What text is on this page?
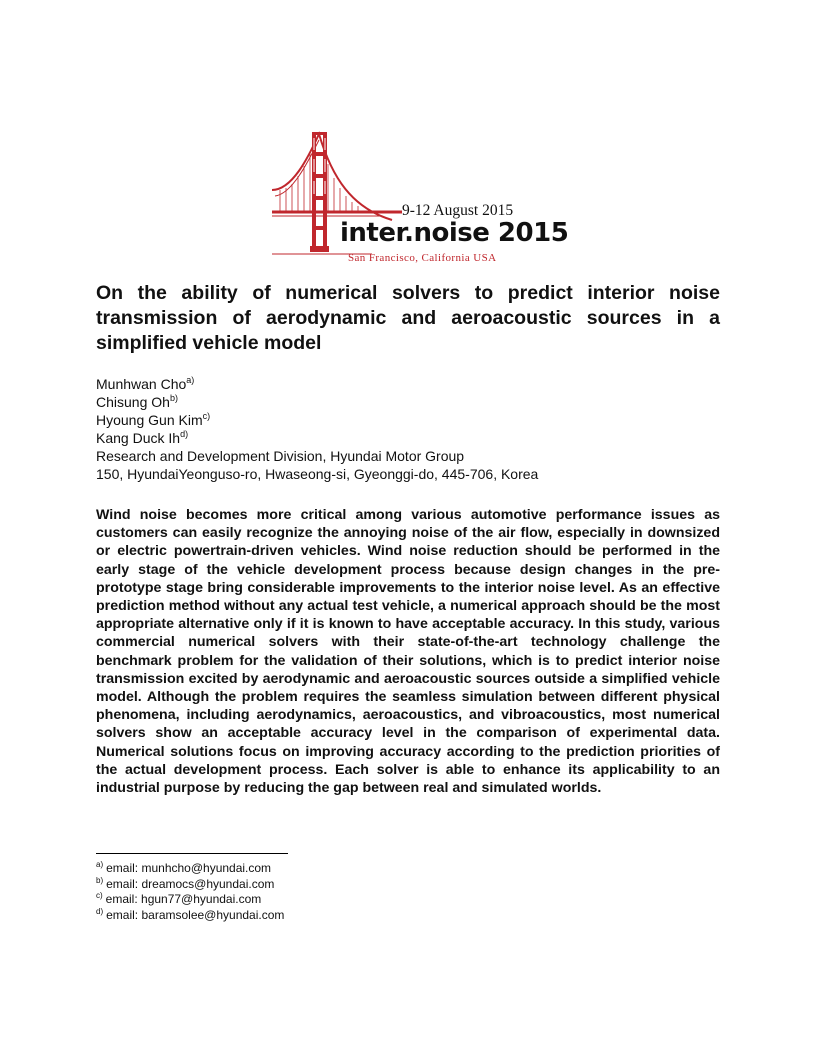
9-12 August 2015
inter.noise 2015
San Francisco, California USA
On the ability of numerical solvers to predict interior noise transmission of aerodynamic and aeroacoustic sources in a simplified vehicle model
Munhwan Cho$^{a)}$
Chisung Oh$^{b)}$
Hyoung Gun Kim$^{c)}$
Kang Duck Ih$^{d)}$
Research and Development Division, Hyundai Motor Group
150, HyundaiYeonguso-ro, Hwaseong-si, Gyeonggi-do, 445-706, Korea

Wind noise becomes more critical among various automotive performance issues as customers can easily recognize the annoying noise of the air flow, especially in downsized or electric powertrain-driven vehicles. Wind noise reduction should be performed in the early stage of the vehicle development process because design changes in the pre-prototype stage bring considerable improvements to the interior noise level. As an effective prediction method without any actual test vehicle, a numerical approach should be the most appropriate alternative only if it is known to have acceptable accuracy. In this study, various commercial numerical solvers with their state-of-the-art technology challenge the benchmark problem for the validation of their solutions, which is to predict interior noise transmission excited by aerodynamic and aeroacoustic sources outside a simplified vehicle model. Although the problem requires the seamless simulation between different physical phenomena, including aerodynamics, aeroacoustics, and vibroacoustics, most numerical solvers show an acceptable accuracy level in the comparison of experimental data. Numerical solutions focus on improving accuracy according to the prediction priorities of the actual development process. Each solver is able to enhance its applicability to an industrial purpose by reducing the gap between real and simulated worlds.

$^{a)}$ email: munhcho@hyundai.com
$^{b)}$ email: dreamocs@hyundai.com
$^{c)}$ email: hgun77@hyundai.com
$^{d)}$ email: baramsolee@hyundai.com
